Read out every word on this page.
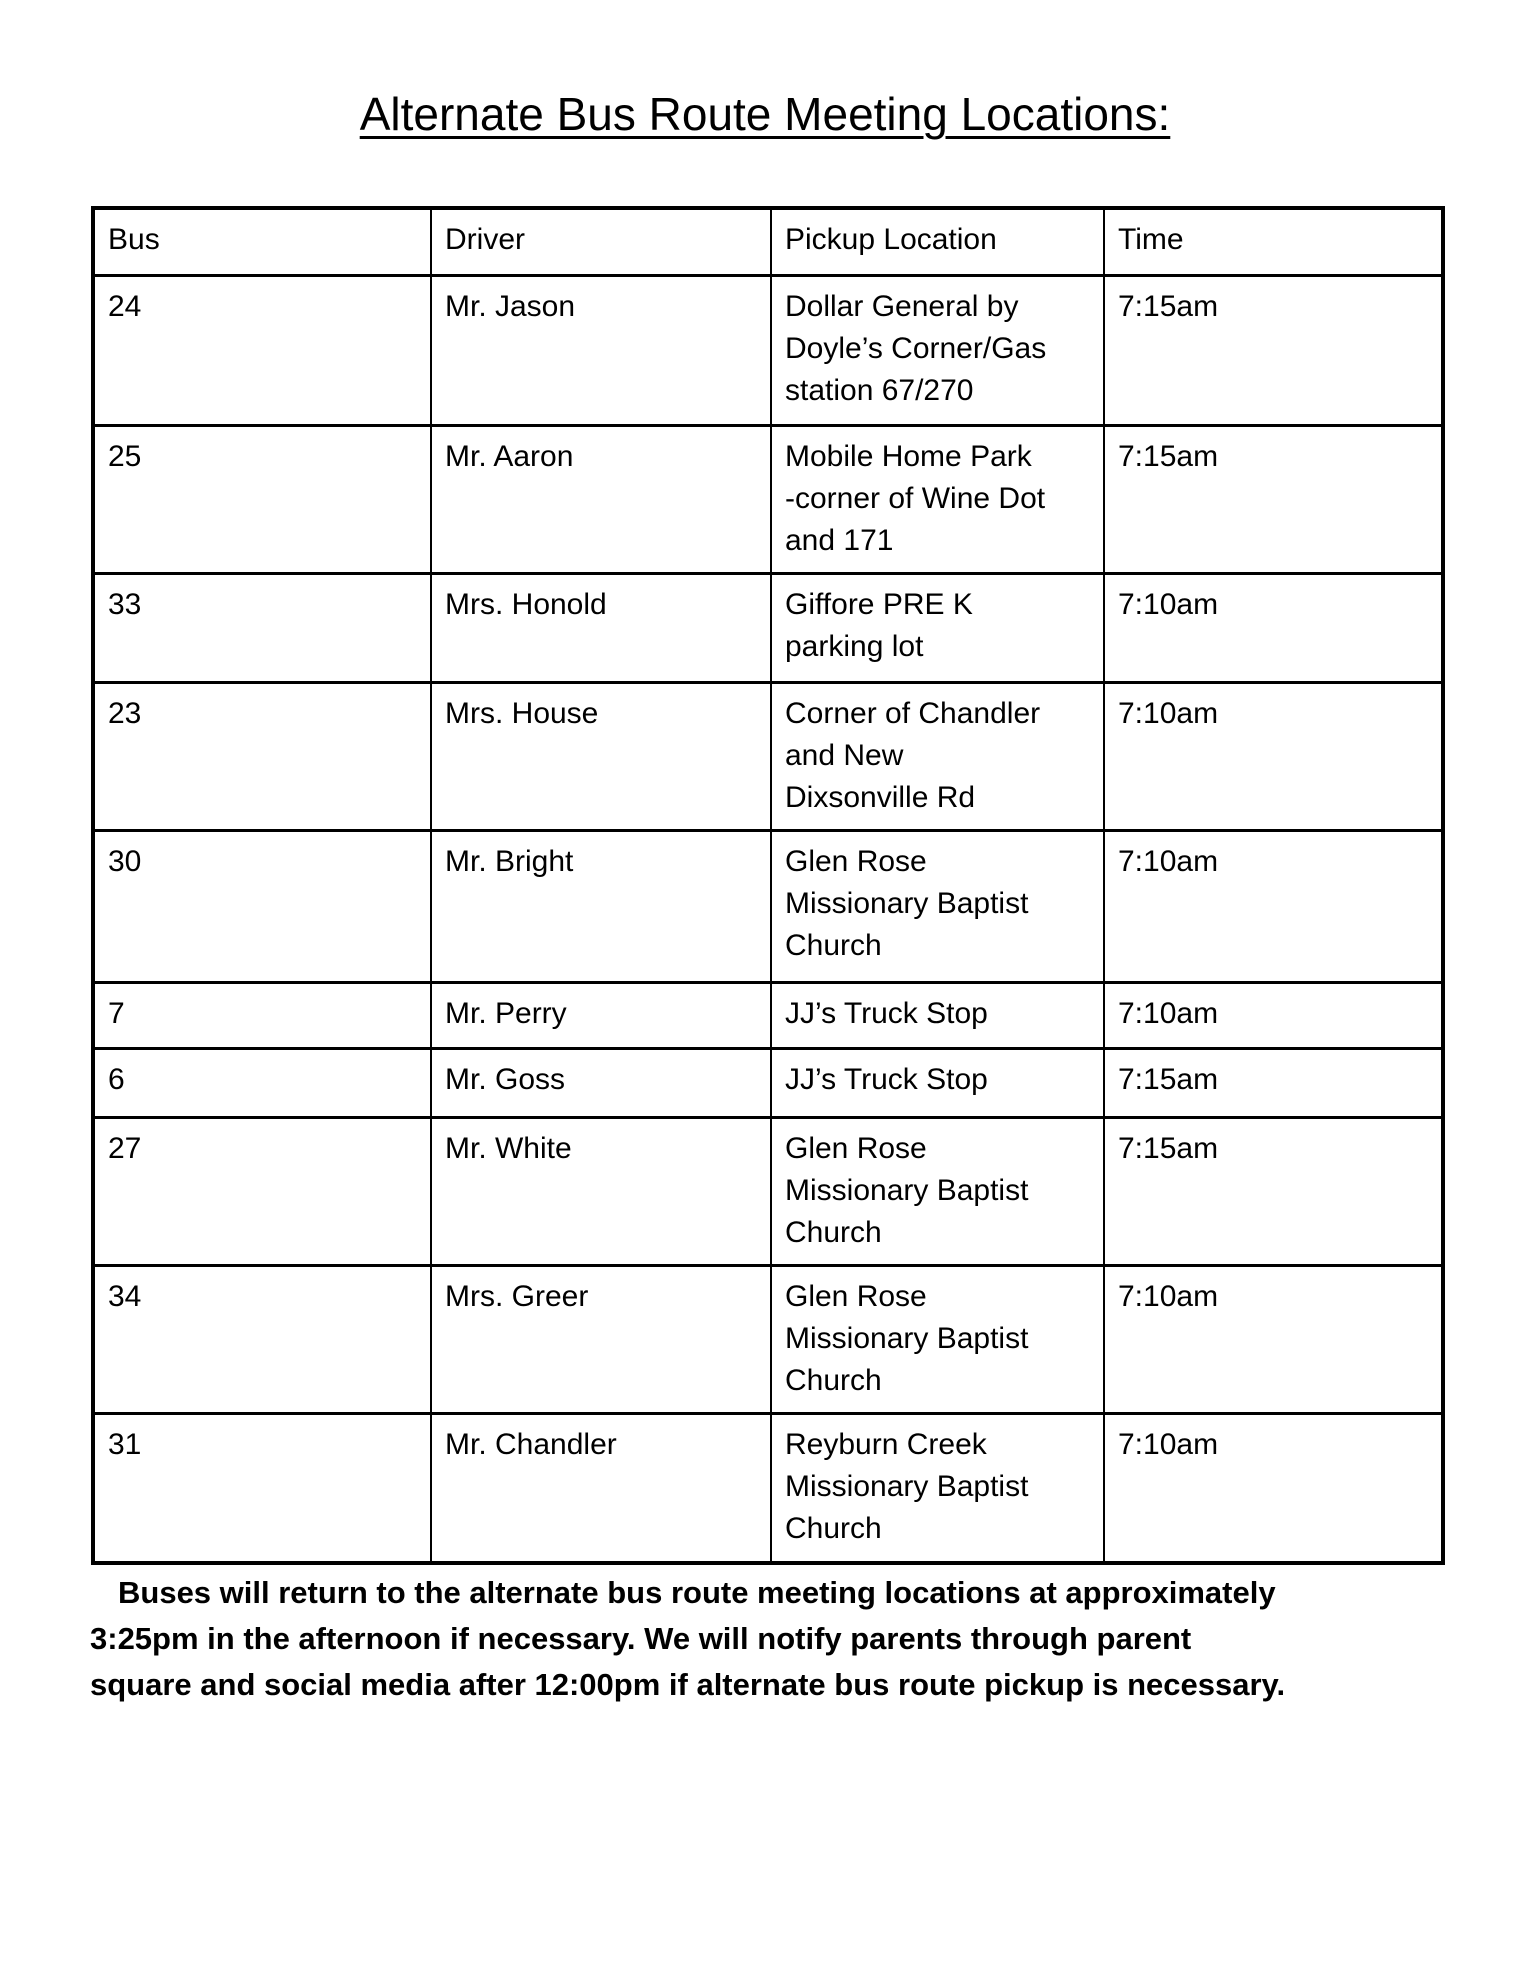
Alternate Bus Route Meeting Locations:
Bus	Driver	Pickup Location	Time
24	Mr. Jason	Dollar General by
Doyle’s Corner/Gas
station 67/270	7:15am
25	Mr. Aaron	Mobile Home Park
-corner of Wine Dot
and 171	7:15am
33	Mrs. Honold	Giffore PRE K
parking lot	7:10am
23	Mrs. House	Corner of Chandler
and New
Dixsonville Rd	7:10am
30	Mr. Bright	Glen Rose
Missionary Baptist
Church	7:10am
7	Mr. Perry	JJ’s Truck Stop	7:10am
6	Mr. Goss	JJ’s Truck Stop	7:15am
27	Mr. White	Glen Rose
Missionary Baptist
Church	7:15am
34	Mrs. Greer	Glen Rose
Missionary Baptist
Church	7:10am
31	Mr. Chandler	Reyburn Creek
Missionary Baptist
Church	7:10am
Buses will return to the alternate bus route meeting locations at approximately
3:25pm in the afternoon if necessary. We will notify parents through parent
square and social media after 12:00pm if alternate bus route pickup is necessary.
